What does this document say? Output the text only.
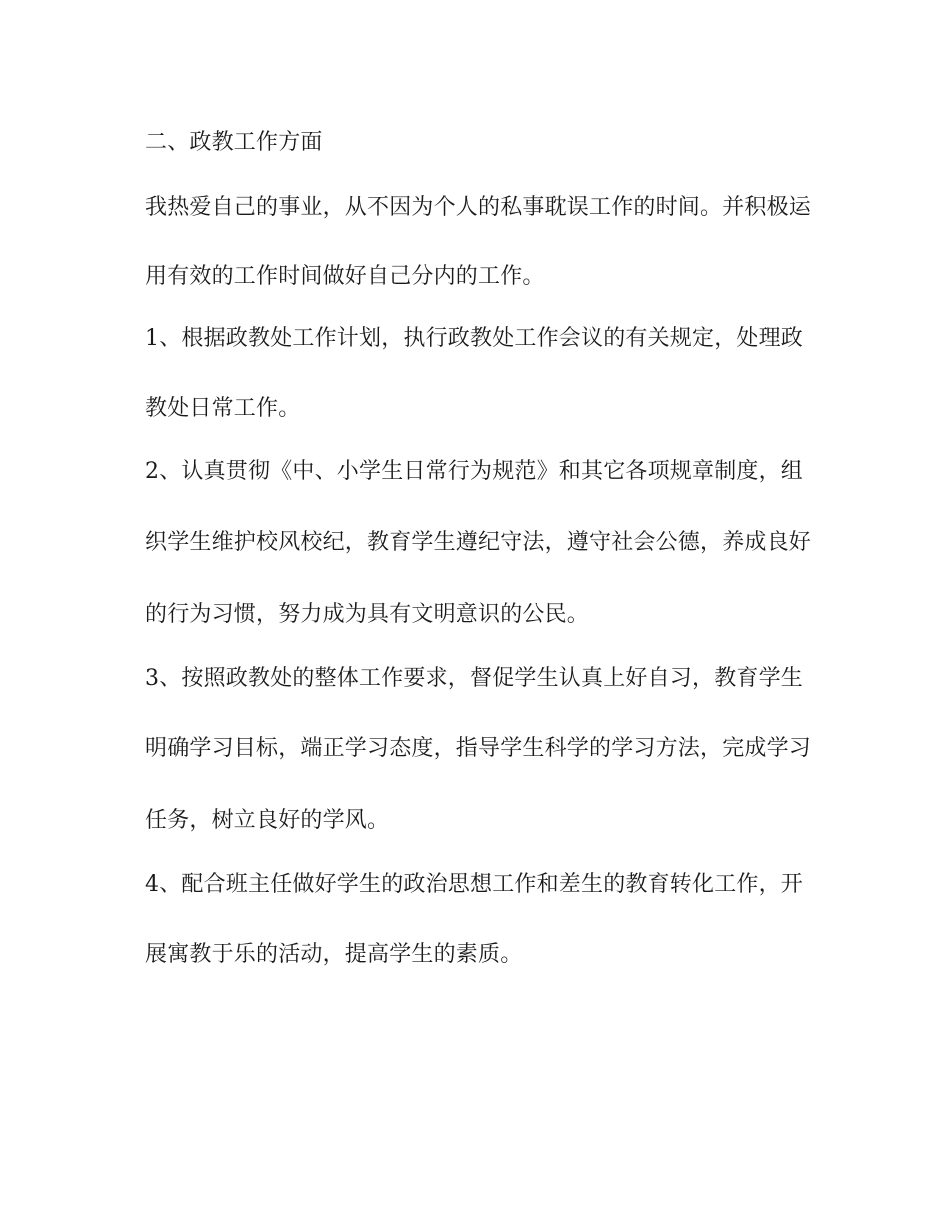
二、政教工作方面
我热爱自己的事业，从不因为个人的私事耽误工作的时间。并积极运
用有效的工作时间做好自己分内的工作。
1、根据政教处工作计划，执行政教处工作会议的有关规定，处理政
教处日常工作。
2、认真贯彻《中、小学生日常行为规范》和其它各项规章制度，组
织学生维护校风校纪，教育学生遵纪守法，遵守社会公德，养成良好
的行为习惯，努力成为具有文明意识的公民。
3、按照政教处的整体工作要求，督促学生认真上好自习，教育学生
明确学习目标，端正学习态度，指导学生科学的学习方法，完成学习
任务，树立良好的学风。
4、配合班主任做好学生的政治思想工作和差生的教育转化工作，开
展寓教于乐的活动，提高学生的素质。
